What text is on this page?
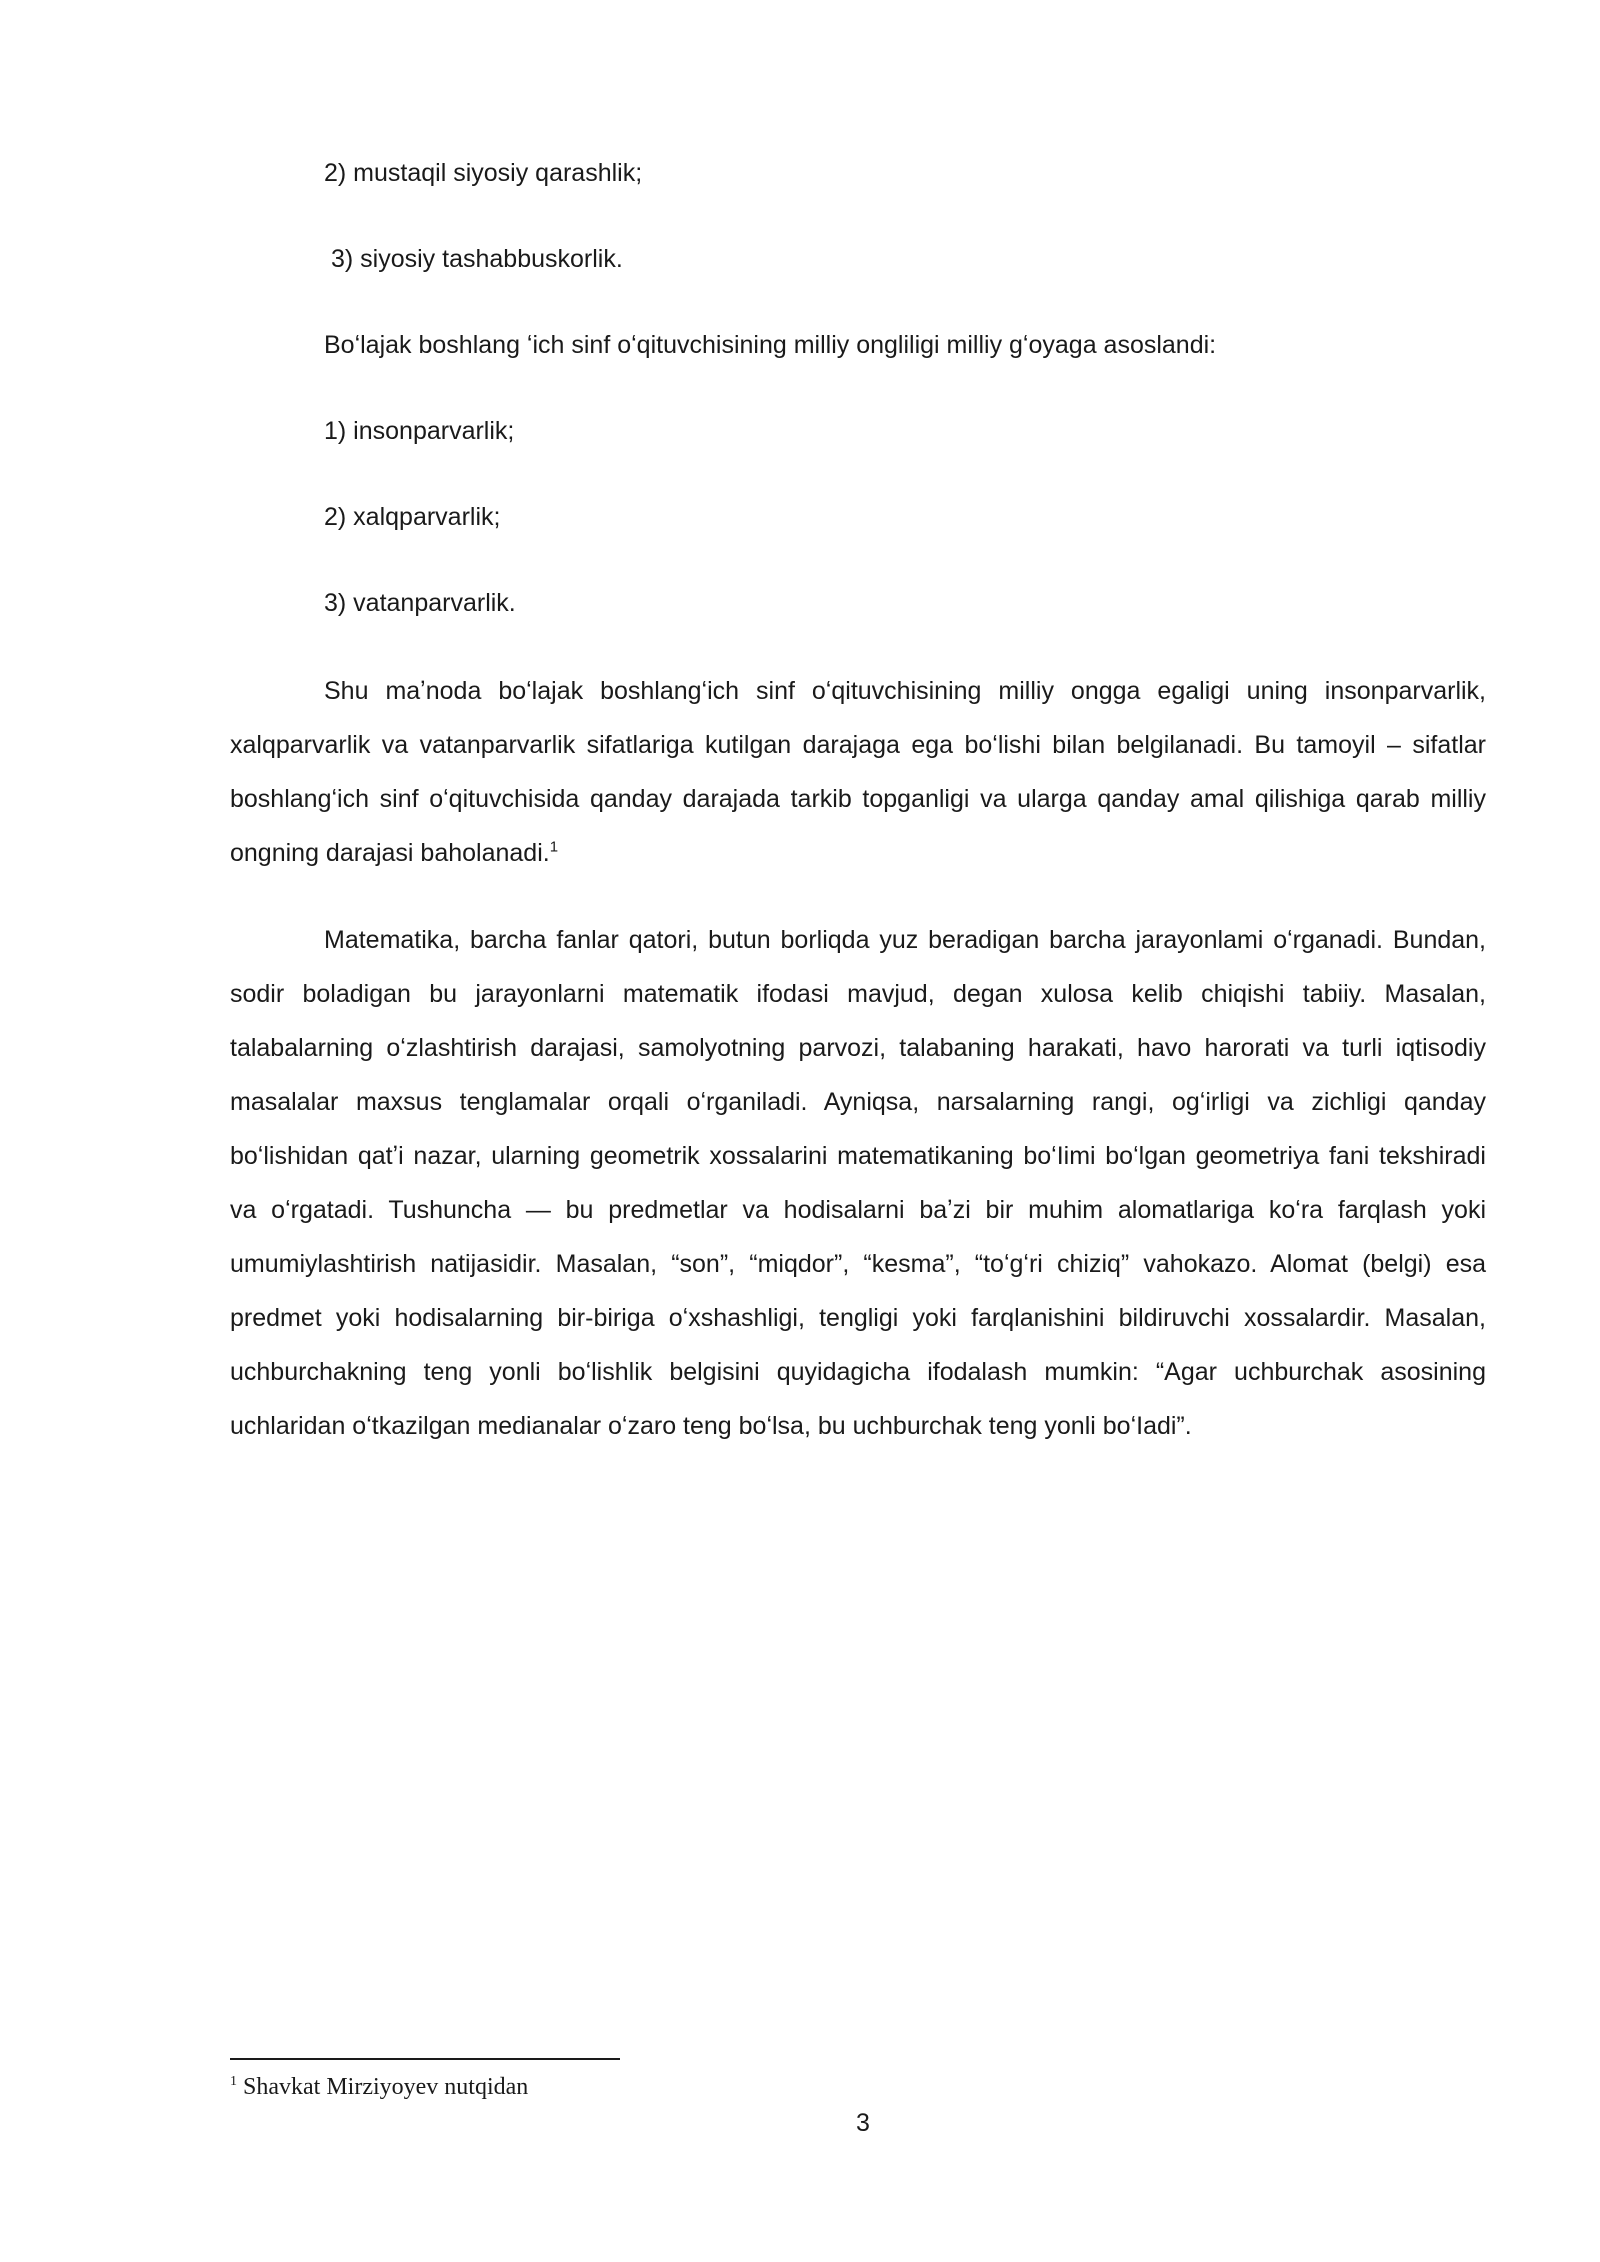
2) mustaqil siyosiy qarashlik;
3) siyosiy tashabbuskorlik.
Boʻlajak boshlang ʻich sinf oʻqituvchisining milliy ongliligi milliy gʻoyaga asoslandi:
1) insonparvarlik;
2) xalqparvarlik;
3) vatanparvarlik.

Shu maʼnoda boʻlajak boshlangʻich sinf oʻqituvchisining milliy ongga egaligi uning insonparvarlik, xalqparvarlik va vatanparvarlik sifatlariga kutilgan darajaga ega boʻlishi bilan belgilanadi. Bu tamoyil – sifatlar boshlangʻich sinf oʻqituvchisida qanday darajada tarkib topganligi va ularga qanday amal qilishiga qarab milliy ongning darajasi baholanadi.$^1$

Matematika, barcha fanlar qatori, butun borliqda yuz beradigan barcha jarayonlami oʻrganadi. Bundan, sodir boladigan bu jarayonlarni matematik ifodasi mavjud, degan xulosa kelib chiqishi tabiiy. Masalan, talabalarning oʻzlashtirish darajasi, samolyotning parvozi, talabaning harakati, havo harorati va turli iqtisodiy masalalar maxsus tenglamalar orqali oʻrganiladi. Ayniqsa, narsalarning rangi, ogʻirligi va zichligi qanday boʻlishidan qatʼi nazar, ularning geometrik xossalarini matematikaning boʻIimi boʻlgan geometriya fani tekshiradi va oʻrgatadi. Tushuncha — bu predmetlar va hodisalarni baʼzi bir muhim alomatlariga koʻra farqlash yoki umumiylashtirish natijasidir. Masalan, “son”, “miqdor”, “kesma”, “toʻgʻri chiziq” vahokazo. Alomat (belgi) esa predmet yoki hodisalarning bir-biriga oʻxshashligi, tengligi yoki farqlanishini bildiruvchi xossalardir. Masalan, uchburchakning teng yonli boʻlishlik belgisini quyidagicha ifodalash mumkin: “Agar uchburchak asosining uchlaridan oʻtkazilgan medianalar oʻzaro teng boʻlsa, bu uchburchak teng yonli boʻIadi”.

$^1$ Shavkat Mirziyoyev nutqidan
3
